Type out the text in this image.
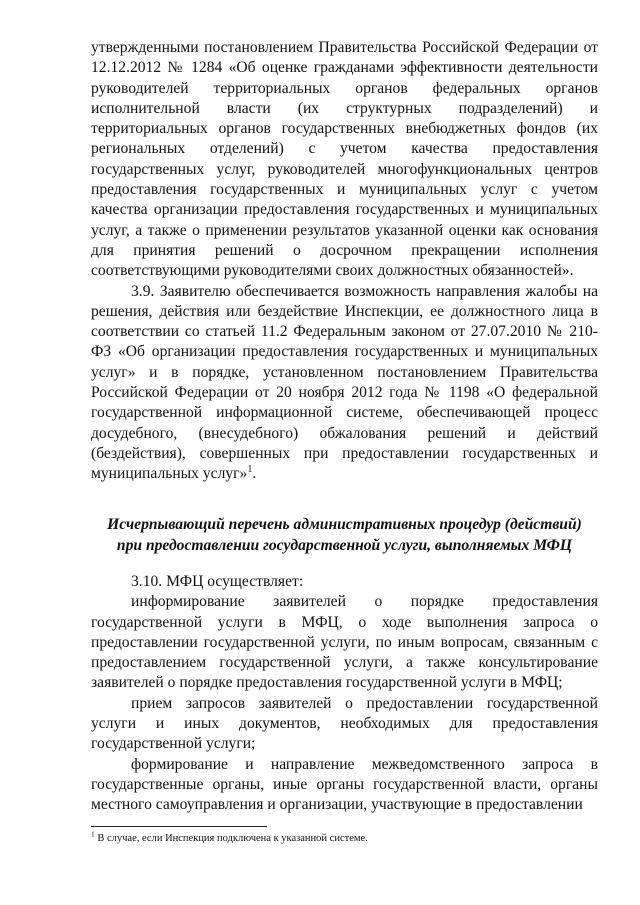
утвержденными постановлением Правительства Российской Федерации от 12.12.2012 № 1284 «Об оценке гражданами эффективности деятельности руководителей территориальных органов федеральных органов исполнительной власти (их структурных подразделений) и территориальных органов государственных внебюджетных фондов (их региональных отделений) с учетом качества предоставления государственных услуг, руководителей многофункциональных центров предоставления государственных и муниципальных услуг с учетом качества организации предоставления государственных и муниципальных услуг, а также о применении результатов указанной оценки как основания для принятия решений о досрочном прекращении исполнения соответствующими руководителями своих должностных обязанностей».

3.9. Заявителю обеспечивается возможность направления жалобы на решения, действия или бездействие Инспекции, ее должностного лица в соответствии со статьей 11.2 Федеральным законом от 27.07.2010 № 210-ФЗ «Об организации предоставления государственных и муниципальных услуг» и в порядке, установленном постановлением Правительства Российской Федерации от 20 ноября 2012 года № 1198 «О федеральной государственной информационной системе, обеспечивающей процесс досудебного, (внесудебного) обжалования решений и действий (бездействия), совершенных при предоставлении государственных и муниципальных услуг»$^1$.

Исчерпывающий перечень административных процедур (действий)
при предоставлении государственной услуги, выполняемых МФЦ

3.10. МФЦ осуществляет:

информирование заявителей о порядке предоставления государственной услуги в МФЦ, о ходе выполнения запроса о предоставлении государственной услуги, по иным вопросам, связанным с предоставлением государственной услуги, а также консультирование заявителей о порядке предоставления государственной услуги в МФЦ;

прием запросов заявителей о предоставлении государственной услуги и иных документов, необходимых для предоставления государственной услуги;

формирование и направление межведомственного запроса в государственные органы, иные органы государственной власти, органы местного самоуправления и организации, участвующие в предоставлении

$^1$ В случае, если Инспекция подключена к указанной системе.
